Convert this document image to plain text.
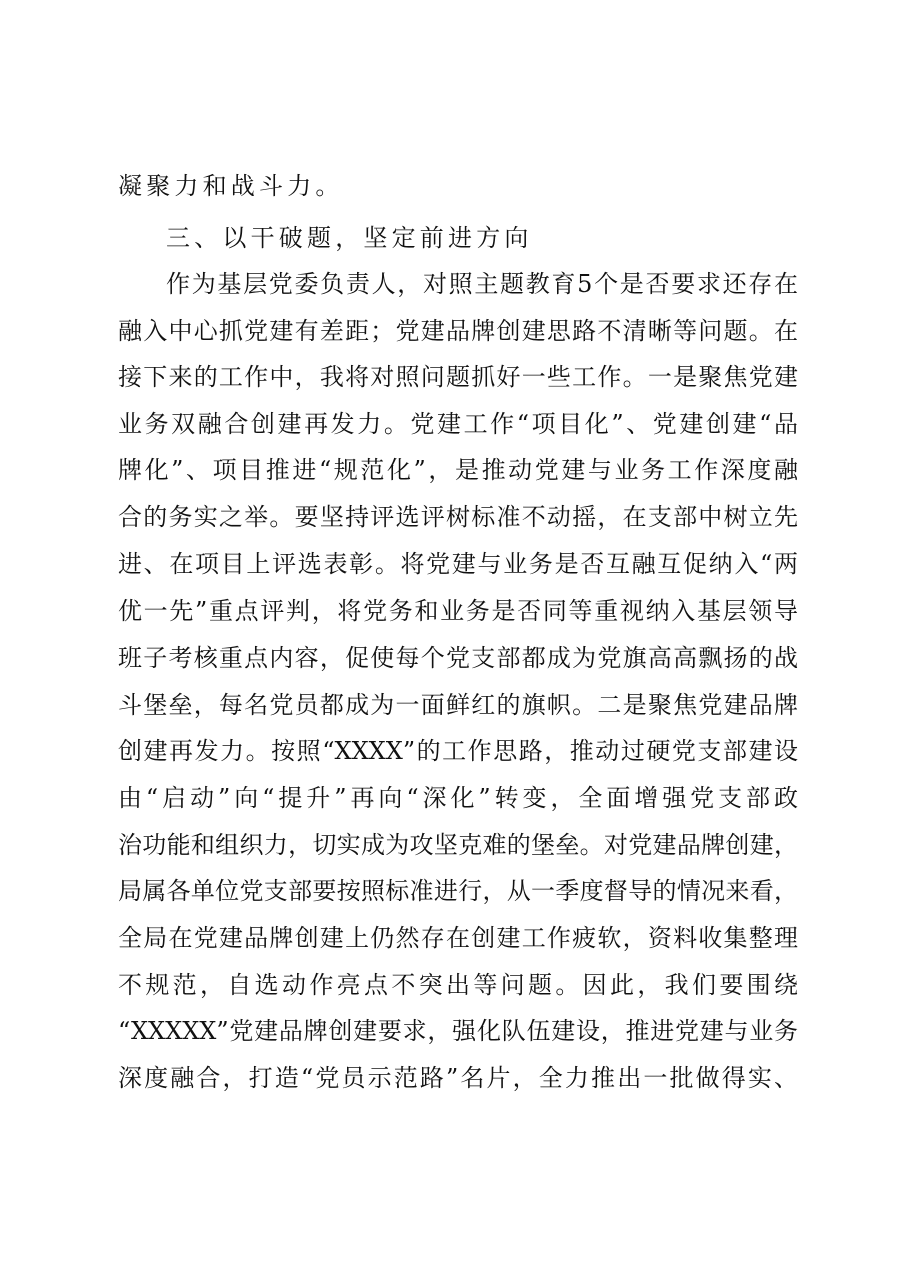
凝聚力和战斗力。
三、以干破题，坚定前进方向
作为基层党委负责人，对照主题教育5个是否要求还存在
融入中心抓党建有差距；党建品牌创建思路不清晰等问题。在
接下来的工作中，我将对照问题抓好一些工作。一是聚焦党建
业务双融合创建再发力。党建工作“项目化”、党建创建“品
牌化”、项目推进“规范化”，是推动党建与业务工作深度融
合的务实之举。要坚持评选评树标准不动摇，在支部中树立先
进、在项目上评选表彰。将党建与业务是否互融互促纳入“两
优一先”重点评判，将党务和业务是否同等重视纳入基层领导
班子考核重点内容，促使每个党支部都成为党旗高高飘扬的战
斗堡垒，每名党员都成为一面鲜红的旗帜。二是聚焦党建品牌
创建再发力。按照“XXXX”的工作思路，推动过硬党支部建设
由“启动”向“提升”再向“深化”转变，全面增强党支部政
治功能和组织力，切实成为攻坚克难的堡垒。对党建品牌创建，
局属各单位党支部要按照标准进行，从一季度督导的情况来看，
全局在党建品牌创建上仍然存在创建工作疲软，资料收集整理
不规范，自选动作亮点不突出等问题。因此，我们要围绕
“XXXXX”党建品牌创建要求，强化队伍建设，推进党建与业务
深度融合，打造“党员示范路”名片，全力推出一批做得实、
